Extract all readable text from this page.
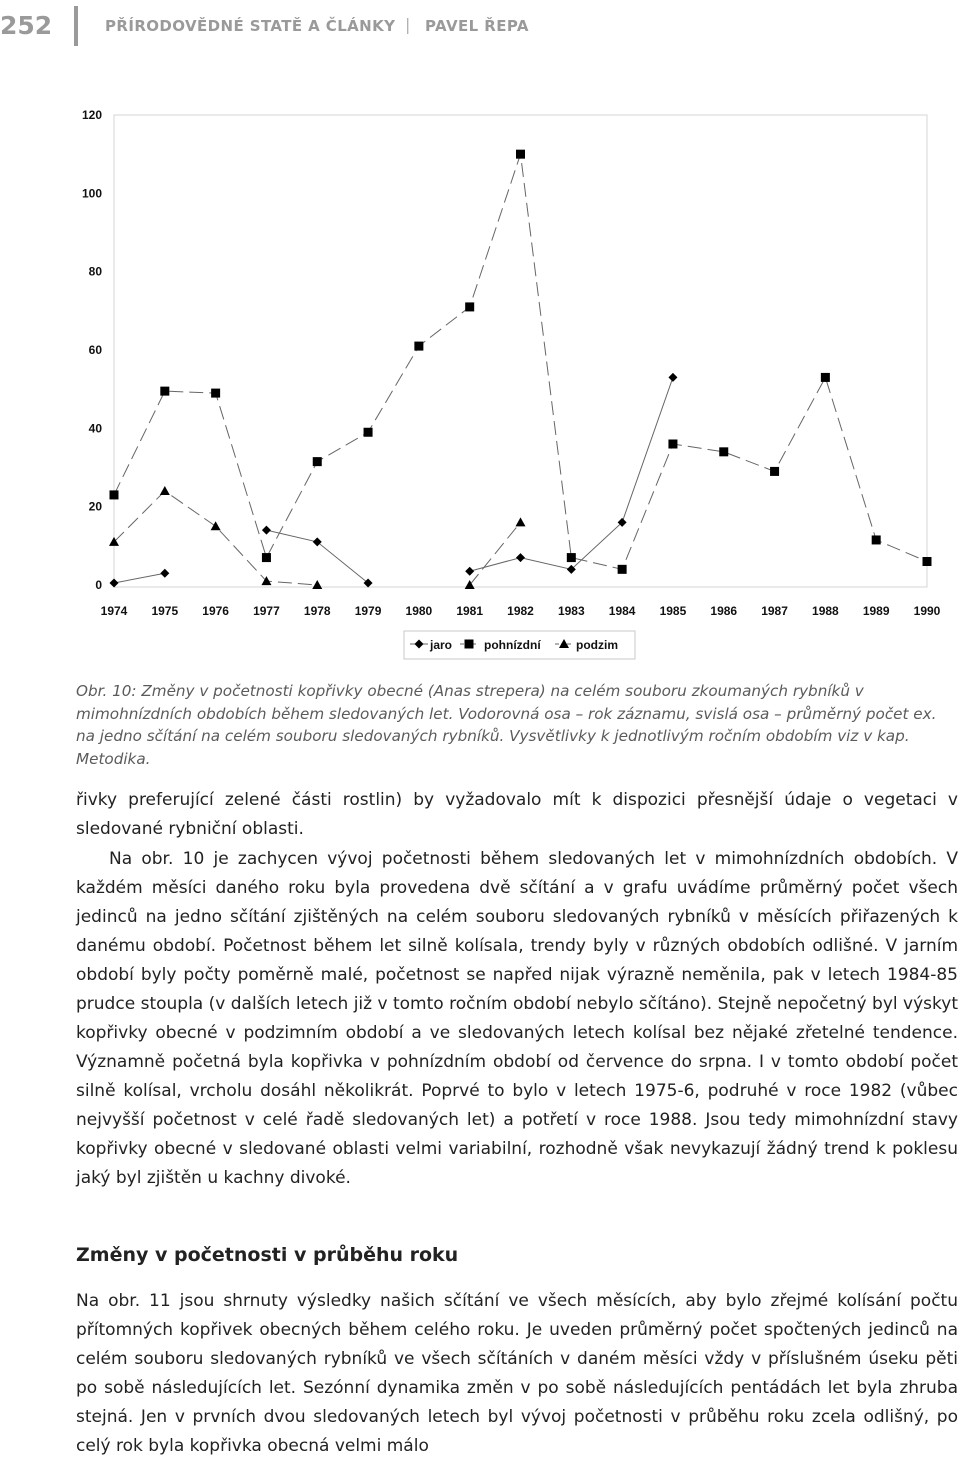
252	PŘÍRODOVĚDNÉ STATĚ A ČLÁNKY | PAVEL ŘEPA
0
20
40
60
80
100
120
1974 1975 1976 1977 1978 1979 1980 1981 1982 1983 1984 1985 1986 1987 1988 1989 1990
jaro	pohnízdní	podzim

Obr. 10: Změny v početnosti kopřivky obecné (Anas strepera) na celém souboru zkoumaných rybníků v mimohnízdních obdobích během sledovaných let. Vodorovná osa – rok záznamu, svislá osa – průměrný počet ex. na jedno sčítání na celém souboru sledovaných rybníků. Vysvětlivky k jednotlivým ročním obdobím viz v kap. Metodika.

řivky preferující zelené části rostlin) by vyžadovalo mít k dispozici přesnější údaje o vegetaci v sledované rybniční oblasti.

Na obr. 10 je zachycen vývoj početnosti během sledovaných let v mimohnízdních obdobích. V každém měsíci daného roku byla provedena dvě sčítání a v grafu uvádíme průměrný počet všech jedinců na jedno sčítání zjištěných na celém souboru sledovaných rybníků v měsících přiřazených k danému období. Početnost během let silně kolísala, trendy byly v různých obdobích odlišné. V jarním období byly počty poměrně malé, početnost se napřed nijak výrazně neměnila, pak v letech 1984-85 prudce stoupla (v dalších letech již v tomto ročním období nebylo sčítáno). Stejně nepočetný byl výskyt kopřivky obecné v podzimním období a ve sledovaných letech kolísal bez nějaké zřetelné tendence. Významně početná byla kopřivka v pohnízdním období od července do srpna. I v tomto období počet silně kolísal, vrcholu dosáhl několikrát. Poprvé to bylo v letech 1975-6, podruhé v roce 1982 (vůbec nejvyšší početnost v celé řadě sledovaných let) a potřetí v roce 1988. Jsou tedy mimohnízdní stavy kopřivky obecné v sledované oblasti velmi variabilní, rozhodně však nevykazují žádný trend k poklesu jaký byl zjištěn u kachny divoké.

Změny v početnosti v průběhu roku

Na obr. 11 jsou shrnuty výsledky našich sčítání ve všech měsících, aby bylo zřejmé kolísání počtu přítomných kopřivek obecných během celého roku. Je uveden průměrný počet spočtených jedinců na celém souboru sledovaných rybníků ve všech sčítáních v daném měsíci vždy v příslušném úseku pěti po sobě následujících let. Sezónní dynamika změn v po sobě následujících pentádách let byla zhruba stejná. Jen v prvních dvou sledovaných letech byl vývoj početnosti v průběhu roku zcela odlišný, po celý rok byla kopřivka obecná velmi málo
